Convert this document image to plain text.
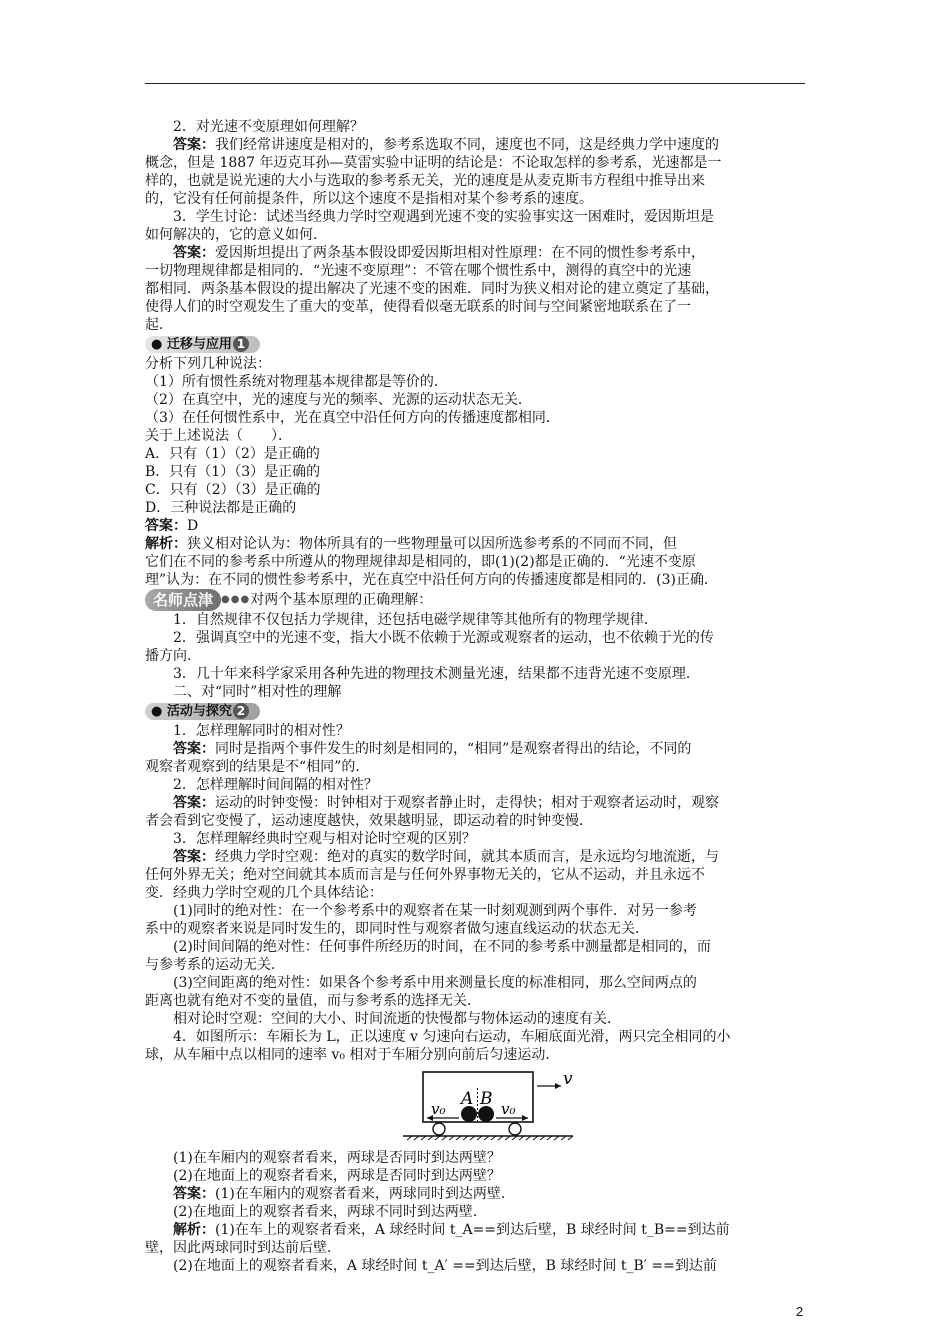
2．对光速不变原理如何理解？
答案：我们经常讲速度是相对的，参考系选取不同，速度也不同，这是经典力学中速度的
概念，但是 1887 年迈克耳孙—莫雷实验中证明的结论是：不论取怎样的参考系，光速都是一
样的，也就是说光速的大小与选取的参考系无关，光的速度是从麦克斯韦方程组中推导出来
的，它没有任何前提条件，所以这个速度不是指相对某个参考系的速度。
3．学生讨论：试述当经典力学时空观遇到光速不变的实验事实这一困难时，爱因斯坦是
如何解决的，它的意义如何．
答案：爱因斯坦提出了两条基本假设即爱因斯坦相对性原理：在不同的惯性参考系中，
一切物理规律都是相同的．“光速不变原理”：不管在哪个惯性系中，测得的真空中的光速
都相同．两条基本假设的提出解决了光速不变的困难．同时为狭义相对论的建立奠定了基础，
使得人们的时空观发生了重大的变革，使得看似毫无联系的时间与空间紧密地联系在了一
起．
● 迁移与应用 1
分析下列几种说法：
（1）所有惯性系统对物理基本规律都是等价的．
（2）在真空中，光的速度与光的频率、光源的运动状态无关．
（3）在任何惯性系中，光在真空中沿任何方向的传播速度都相同．
关于上述说法（　　）．
A．只有（1）（2）是正确的
B．只有（1）（3）是正确的
C．只有（2）（3）是正确的
D．三种说法都是正确的
答案：D
解析：狭义相对论认为：物体所具有的一些物理量可以因所选参考系的不同而不同，但
它们在不同的参考系中所遵从的物理规律却是相同的，即(1)(2)都是正确的．“光速不变原
理”认为：在不同的惯性参考系中，光在真空中沿任何方向的传播速度都是相同的．(3)正确．
名师点津 ●●●对两个基本原理的正确理解：
1．自然规律不仅包括力学规律，还包括电磁学规律等其他所有的物理学规律．
2．强调真空中的光速不变，指大小既不依赖于光源或观察者的运动，也不依赖于光的传
播方向．
3．几十年来科学家采用各种先进的物理技术测量光速，结果都不违背光速不变原理．
二、对“同时”相对性的理解
● 活动与探究 2
1．怎样理解同时的相对性？
答案：同时是指两个事件发生的时刻是相同的，“相同”是观察者得出的结论，不同的
观察者观察到的结果是不“相同”的．
2．怎样理解时间间隔的相对性？
答案：运动的时钟变慢：时钟相对于观察者静止时，走得快；相对于观察者运动时，观察
者会看到它变慢了，运动速度越快，效果越明显，即运动着的时钟变慢．
3．怎样理解经典时空观与相对论时空观的区别？
答案：经典力学时空观：绝对的真实的数学时间，就其本质而言，是永远均匀地流逝，与
任何外界无关；绝对空间就其本质而言是与任何外界事物无关的，它从不运动，并且永远不
变．经典力学时空观的几个具体结论：
(1)同时的绝对性：在一个参考系中的观察者在某一时刻观测到两个事件．对另一参考
系中的观察者来说是同时发生的，即同时性与观察者做匀速直线运动的状态无关．
(2)时间间隔的绝对性：任何事件所经历的时间，在不同的参考系中测量都是相同的，而
与参考系的运动无关．
(3)空间距离的绝对性：如果各个参考系中用来测量长度的标准相同，那么空间两点的
距离也就有绝对不变的量值，而与参考系的选择无关．
相对论时空观：空间的大小、时间流逝的快慢都与物体运动的速度有关．
4．如图所示：车厢长为 L，正以速度 v 匀速向右运动，车厢底面光滑，两只完全相同的小
球，从车厢中点以相同的速率 v₀ 相对于车厢分别向前后匀速运动．
v
A B
v₀	v₀
(1)在车厢内的观察者看来，两球是否同时到达两壁？
(2)在地面上的观察者看来，两球是否同时到达两壁？
答案：(1)在车厢内的观察者看来，两球同时到达两壁．
(2)在地面上的观察者看来，两球不同时到达两壁．
解析：(1)在车上的观察者看来，A 球经时间 t_A==到达后壁，B 球经时间 t_B==到达前
壁，因此两球同时到达前后壁．
(2)在地面上的观察者看来，A 球经时间 t_A′ ==到达后壁，B 球经时间 t_B′ ==到达前
2
